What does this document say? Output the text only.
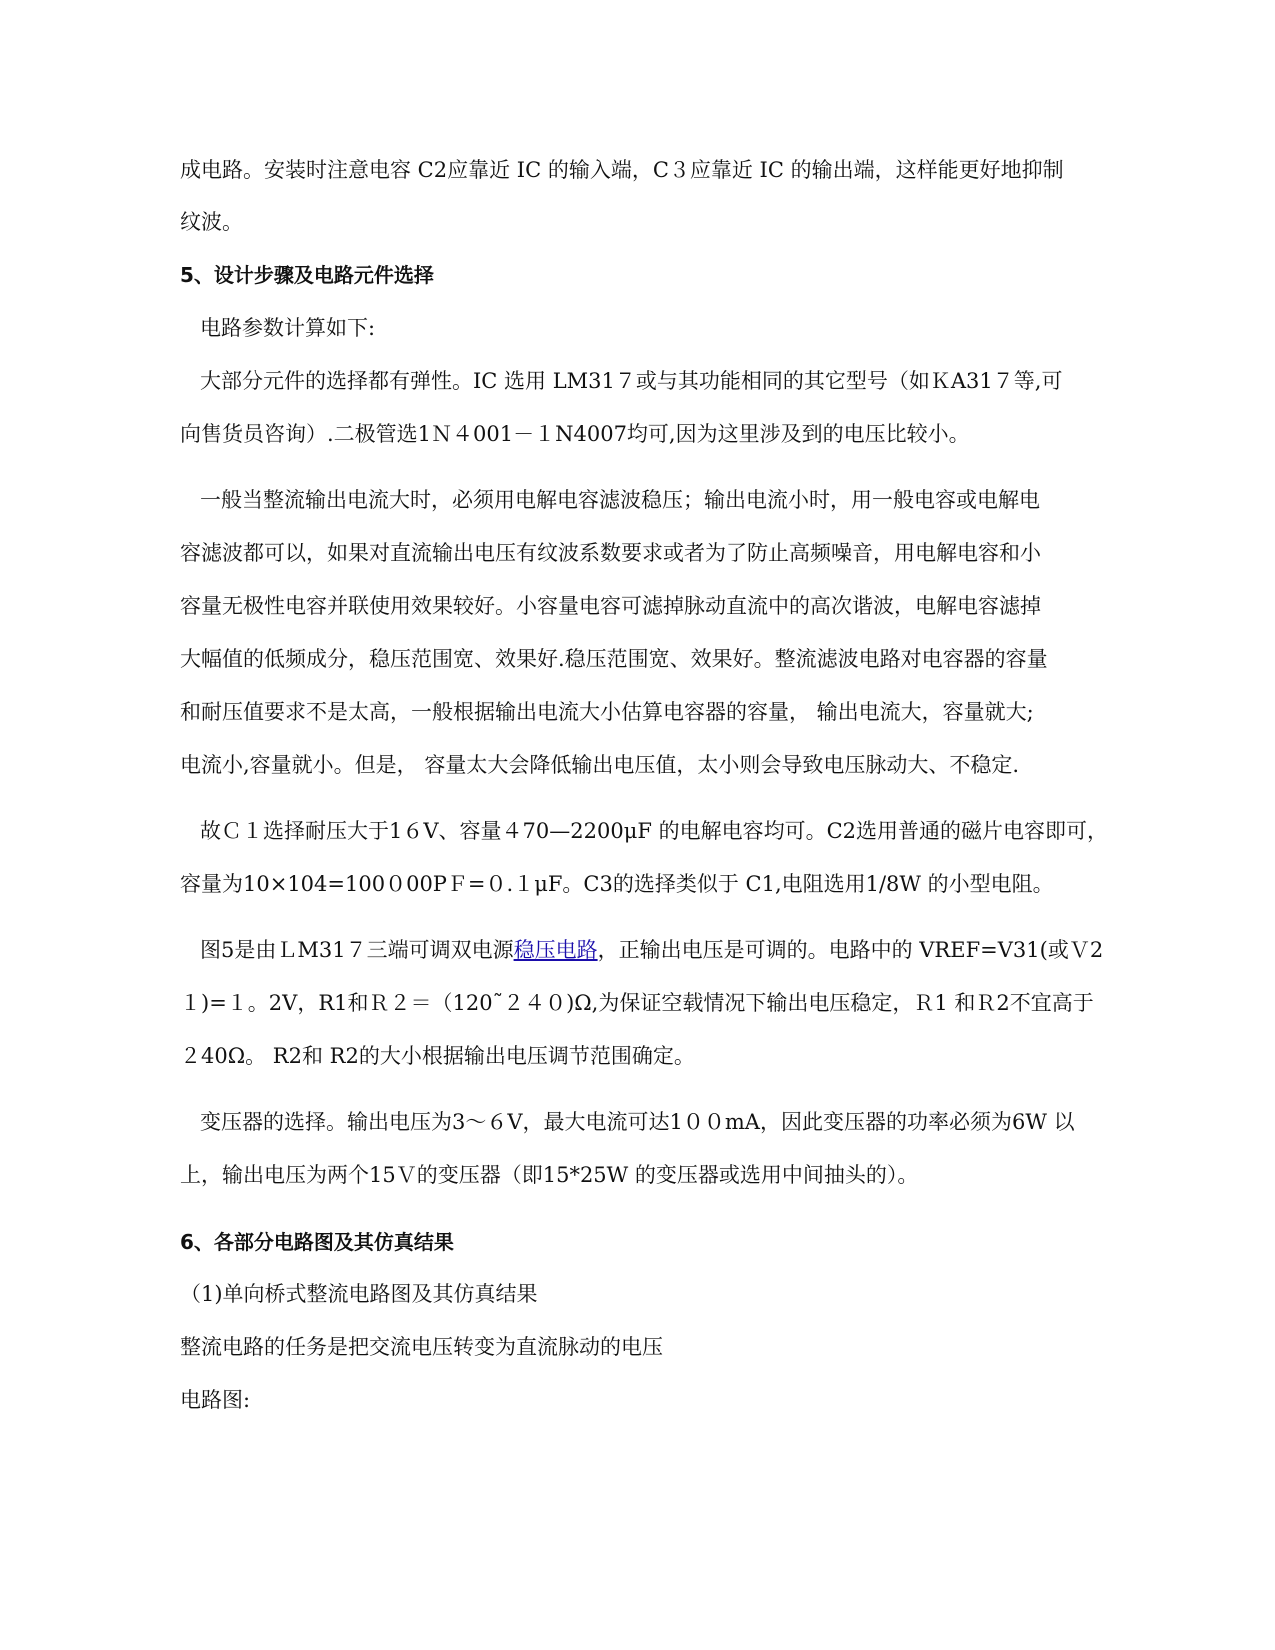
成电路。安装时注意电容 C2应靠近 IC 的输入端，C３应靠近 IC 的输出端，这样能更好地抑制
纹波。
5、设计步骤及电路元件选择
电路参数计算如下:
大部分元件的选择都有弹性。IC 选用 LM31７或与其功能相同的其它型号（如ＫA31７等,可
向售货员咨询）.二极管选1Ｎ４001－１N4007均可,因为这里涉及到的电压比较小。
一般当整流输出电流大时，必须用电解电容滤波稳压；输出电流小时，用一般电容或电解电
容滤波都可以，如果对直流输出电压有纹波系数要求或者为了防止高频噪音，用电解电容和小
容量无极性电容并联使用效果较好。小容量电容可滤掉脉动直流中的高次谐波，电解电容滤掉
大幅值的低频成分，稳压范围宽、效果好.稳压范围宽、效果好。整流滤波电路对电容器的容量
和耐压值要求不是太高，一般根据输出电流大小估算电容器的容量， 输出电流大，容量就大;
电流小,容量就小。但是， 容量太大会降低输出电压值，太小则会导致电压脉动大、不稳定.
故Ｃ１选择耐压大于1６V、容量４70—2200μF 的电解电容均可。C2选用普通的磁片电容即可，
容量为10×104=100０00PＦ=０.１μF。C3的选择类似于 C1,电阻选用1/8W 的小型电阻。
图5是由ＬM31７三端可调双电源稳压电路，正输出电压是可调的。电路中的 VREF=V31(或Ｖ2
１)=１。2V，R1和Ｒ２＝（120˜２４０)Ω,为保证空载情况下输出电压稳定，Ｒ1 和Ｒ2不宜高于
２40Ω。 R2和 R2的大小根据输出电压调节范围确定。
变压器的选择。输出电压为3～６V，最大电流可达1００mA，因此变压器的功率必须为6W 以
上，输出电压为两个15Ｖ的变压器（即15*25W 的变压器或选用中间抽头的）。
6、各部分电路图及其仿真结果
（1)单向桥式整流电路图及其仿真结果
整流电路的任务是把交流电压转变为直流脉动的电压
电路图:
